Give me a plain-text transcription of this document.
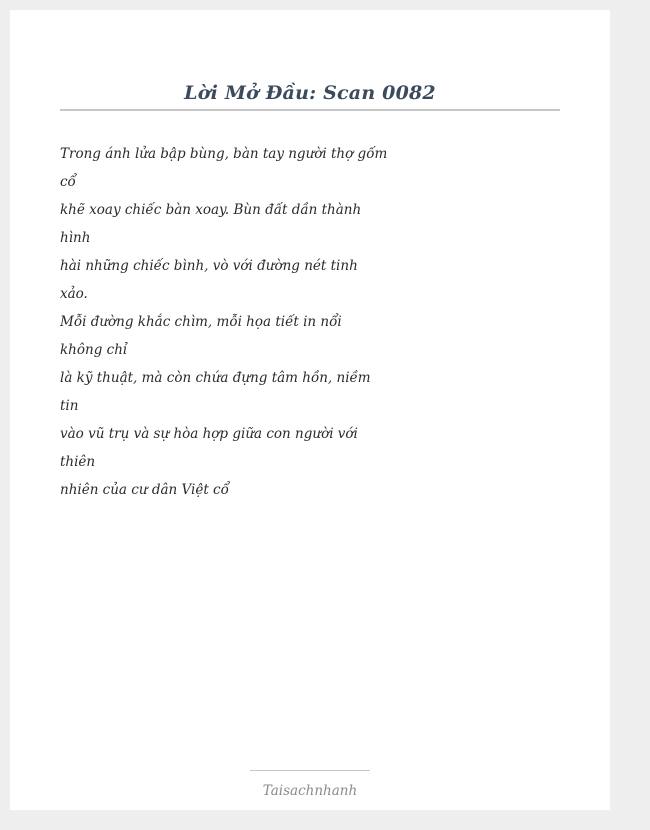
Lời Mở Đầu: Scan 0082
Trong ánh lửa bập bùng, bàn tay người thợ gốm
cổ
khẽ xoay chiếc bàn xoay. Bùn đất dần thành
hình
hài những chiếc bình, vò với đường nét tinh
xảo.
Mỗi đường khắc chìm, mỗi họa tiết in nổi
không chỉ
là kỹ thuật, mà còn chứa đựng tâm hồn, niềm
tin
vào vũ trụ và sự hòa hợp giữa con người với
thiên
nhiên của cư dân Việt cổ
Taisachnhanh
